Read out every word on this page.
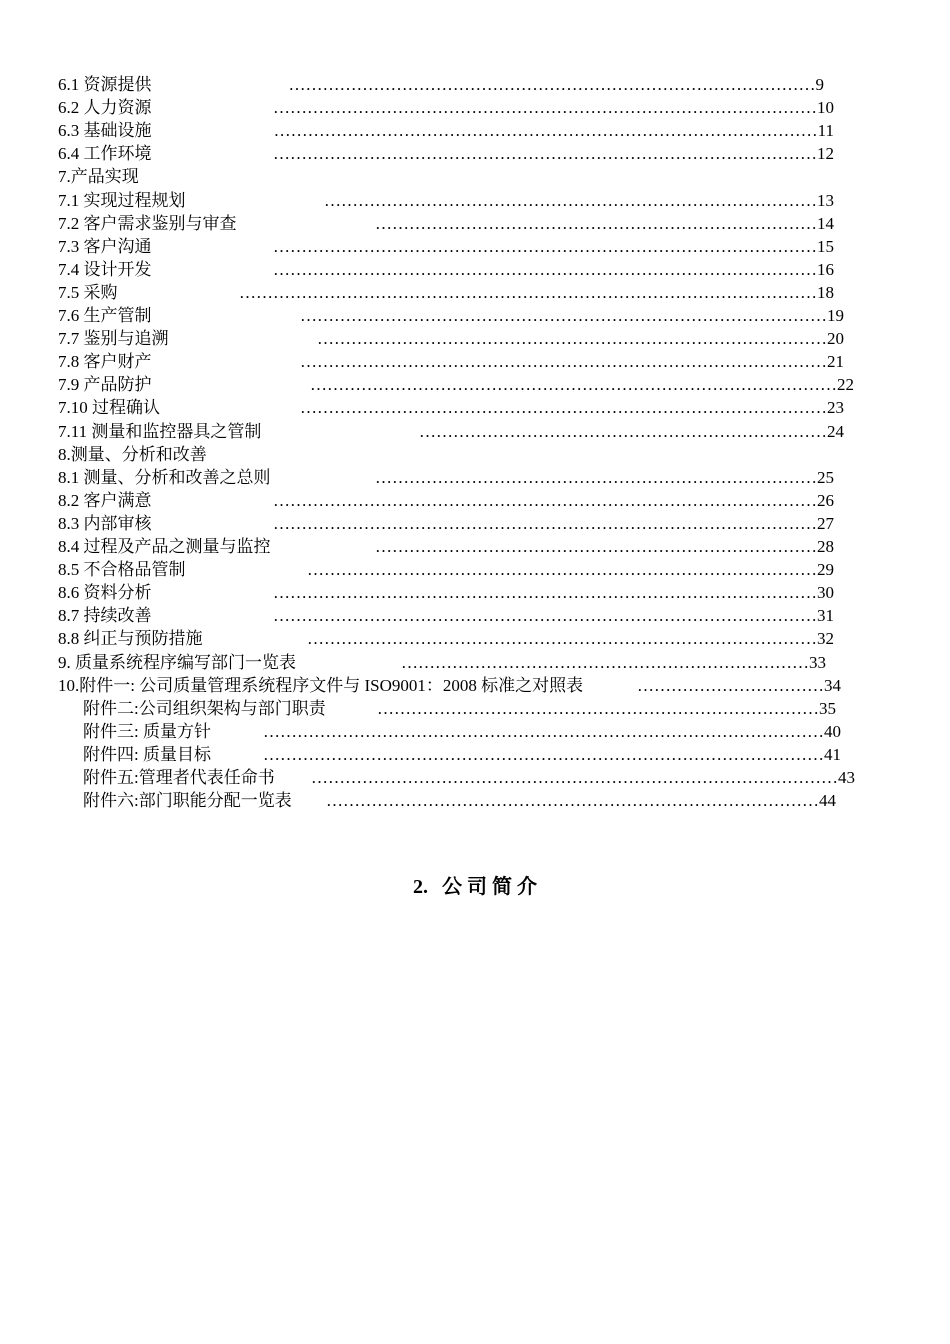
6.1 资源提供	…………………………………………………………………………………9
6.2 人力资源	……………………………………………………………………………………10
6.3 基础设施	……………………………………………………………………………………11
6.4 工作环境	……………………………………………………………………………………12
7.产品实现
7.1 实现过程规划	……………………………………………………………………………13
7.2 客户需求鉴别与审查	……………………………………………………………………14
7.3 客户沟通	……………………………………………………………………………………15
7.4 设计开发	……………………………………………………………………………………16
7.5 采购	…………………………………………………………………………………………18
7.6 生产管制	…………………………………………………………………………………19
7.7 鉴别与追溯	………………………………………………………………………………20
7.8 客户财产	…………………………………………………………………………………21
7.9 产品防护	…………………………………………………………………………………22
7.10 过程确认	…………………………………………………………………………………23
7.11 测量和监控器具之管制	………………………………………………………………24
8.测量、分析和改善
8.1 测量、分析和改善之总则	……………………………………………………………………25
8.2 客户满意	……………………………………………………………………………………26
8.3 内部审核	……………………………………………………………………………………27
8.4 过程及产品之测量与监控	……………………………………………………………………28
8.5 不合格品管制	………………………………………………………………………………29
8.6 资料分析	……………………………………………………………………………………30
8.7 持续改善	……………………………………………………………………………………31
8.8 纠正与预防措施	………………………………………………………………………………32
9. 质量系统程序编写部门一览表	………………………………………………………………33
10.附件一: 公司质量管理系统程序文件与 ISO9001：2008 标准之对照表	……………………………34
附件二:公司组织架构与部门职责	……………………………………………………………………35
附件三: 质量方针	………………………………………………………………………………………40
附件四: 质量目标	………………………………………………………………………………………41
附件五:管理者代表任命书 …………………………………………………………………………………43
附件六:部门职能分配一览表 ……………………………………………………………………………44
2. 公 司 简 介
